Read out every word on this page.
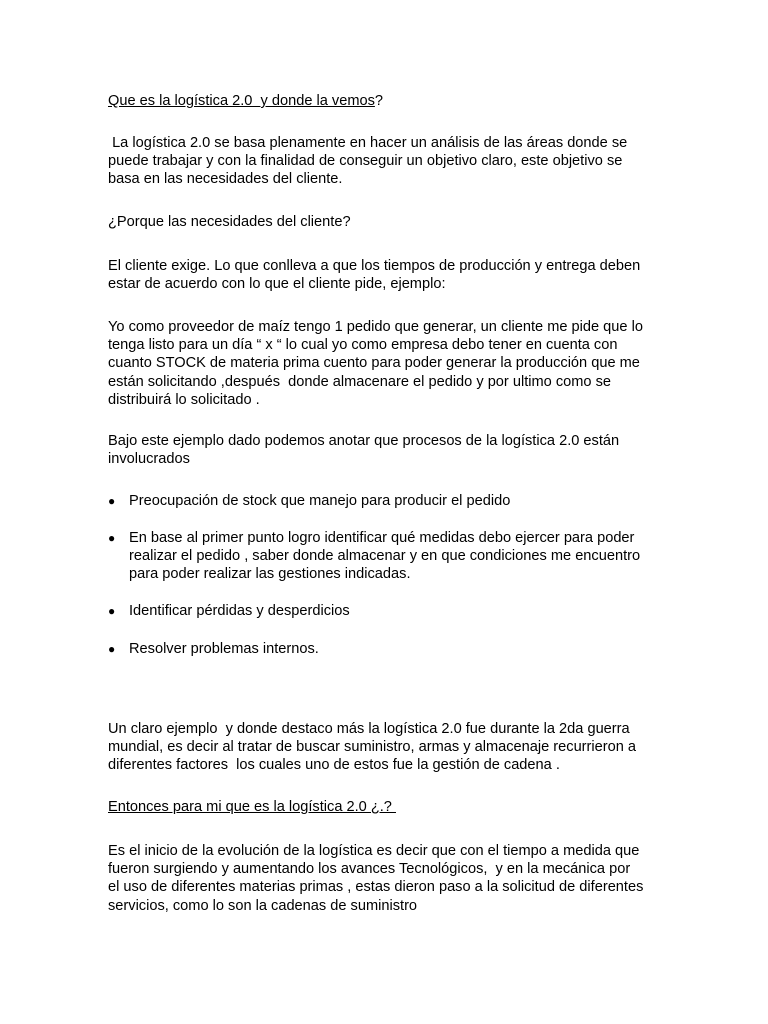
Que es la logística 2.0  y donde la vemos?

La logística 2.0 se basa plenamente en hacer un análisis de las áreas donde se
puede trabajar y con la finalidad de conseguir un objetivo claro, este objetivo se
basa en las necesidades del cliente.

¿Porque las necesidades del cliente?

El cliente exige. Lo que conlleva a que los tiempos de producción y entrega deben
estar de acuerdo con lo que el cliente pide, ejemplo:

Yo como proveedor de maíz tengo 1 pedido que generar, un cliente me pide que lo
tenga listo para un día “ x “ lo cual yo como empresa debo tener en cuenta con
cuanto STOCK de materia prima cuento para poder generar la producción que me
están solicitando ,después  donde almacenare el pedido y por ultimo como se
distribuirá lo solicitado .

Bajo este ejemplo dado podemos anotar que procesos de la logística 2.0 están
involucrados

● Preocupación de stock que manejo para producir el pedido
● En base al primer punto logro identificar qué medidas debo ejercer para poder
realizar el pedido , saber donde almacenar y en que condiciones me encuentro
para poder realizar las gestiones indicadas.
● Identificar pérdidas y desperdicios
● Resolver problemas internos.

Un claro ejemplo  y donde destaco más la logística 2.0 fue durante la 2da guerra
mundial, es decir al tratar de buscar suministro, armas y almacenaje recurrieron a
diferentes factores  los cuales uno de estos fue la gestión de cadena .

Entonces para mi que es la logística 2.0 ¿.?

Es el inicio de la evolución de la logística es decir que con el tiempo a medida que
fueron surgiendo y aumentando los avances Tecnológicos,  y en la mecánica por
el uso de diferentes materias primas , estas dieron paso a la solicitud de diferentes
servicios, como lo son la cadenas de suministro
